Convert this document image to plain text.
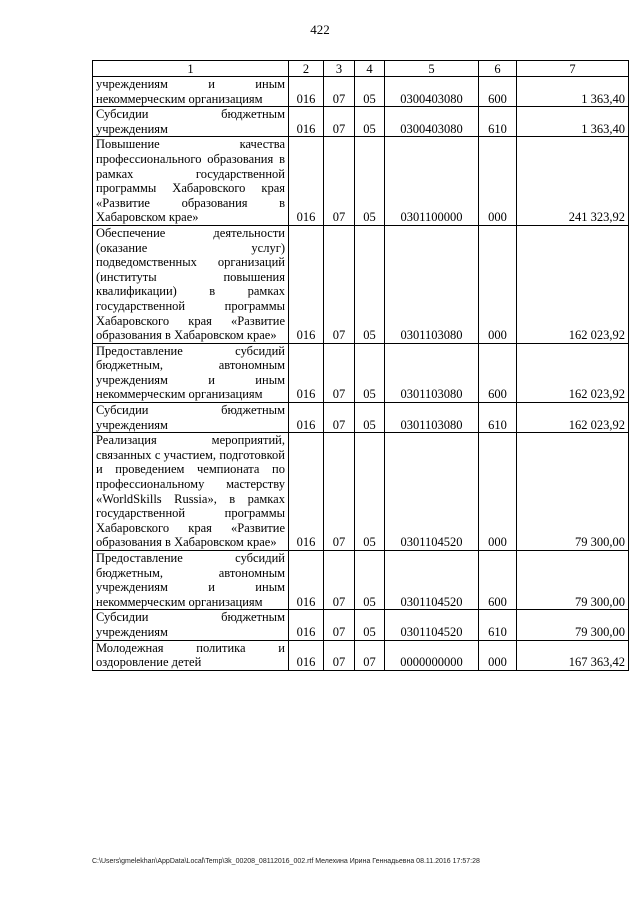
422
1	2	3	4	5	6	7
учреждениям и иным некоммерческим организациям	016	07	05	0300403080	600	1 363,40
Субсидии бюджетным учреждениям	016	07	05	0300403080	610	1 363,40
Повышение качества профессионального образования в рамках государственной программы Хабаровского края «Развитие образования в Хабаровском крае»	016	07	05	0301100000	000	241 323,92
Обеспечение деятельности (оказание услуг) подведомственных организаций (институты повышения квалификации) в рамках государственной программы Хабаровского края «Развитие образования в Хабаровском крае»	016	07	05	0301103080	000	162 023,92
Предоставление субсидий бюджетным, автономным учреждениям и иным некоммерческим организациям	016	07	05	0301103080	600	162 023,92
Субсидии бюджетным учреждениям	016	07	05	0301103080	610	162 023,92
Реализация мероприятий, связанных с участием, подготовкой и проведением чемпионата по профессиональному мастерству «WorldSkills Russia», в рамках государственной программы Хабаровского края «Развитие образования в Хабаровском крае»	016	07	05	0301104520	000	79 300,00
Предоставление субсидий бюджетным, автономным учреждениям и иным некоммерческим организациям	016	07	05	0301104520	600	79 300,00
Субсидии бюджетным учреждениям	016	07	05	0301104520	610	79 300,00
Молодежная политика и оздоровление детей	016	07	07	0000000000	000	167 363,42
C:\Users\gmelekhan\AppData\Local\Temp\3k_00208_08112016_002.rtf Мелехина Ирина Геннадьевна 08.11.2016 17:57:28
